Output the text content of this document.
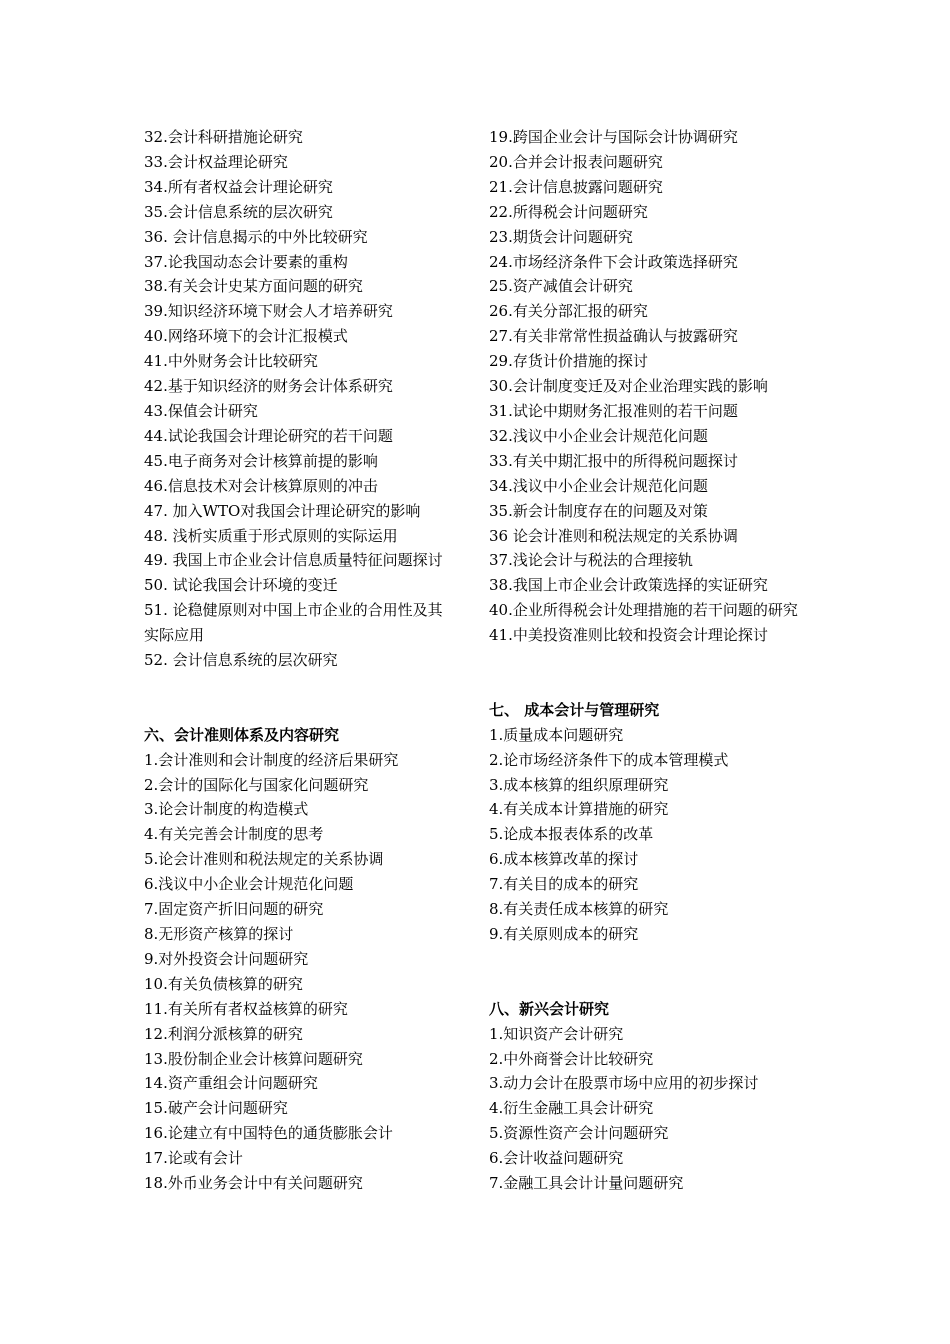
32.会计科研措施论研究
33.会计权益理论研究
34.所有者权益会计理论研究
35.会计信息系统的层次研究
36. 会计信息揭示的中外比较研究
37.论我国动态会计要素的重构
38.有关会计史某方面问题的研究
39.知识经济环境下财会人才培养研究
40.网络环境下的会计汇报模式
41.中外财务会计比较研究
42.基于知识经济的财务会计体系研究
43.保值会计研究
44.试论我国会计理论研究的若干问题
45.电子商务对会计核算前提的影响
46.信息技术对会计核算原则的冲击
47. 加入WTO对我国会计理论研究的影响
48. 浅析实质重于形式原则的实际运用
49. 我国上市企业会计信息质量特征问题探讨
50. 试论我国会计环境的变迁
51. 论稳健原则对中国上市企业的合用性及其实际应用
52. 会计信息系统的层次研究

六、会计准则体系及内容研究

1.会计准则和会计制度的经济后果研究
2.会计的国际化与国家化问题研究
3.论会计制度的构造模式
4.有关完善会计制度的思考
5.论会计准则和税法规定的关系协调
6.浅议中小企业会计规范化问题
7.固定资产折旧问题的研究
8.无形资产核算的探讨
9.对外投资会计问题研究
10.有关负债核算的研究
11.有关所有者权益核算的研究
12.利润分派核算的研究
13.股份制企业会计核算问题研究
14.资产重组会计问题研究
15.破产会计问题研究
16.论建立有中国特色的通货膨胀会计
17.论或有会计
18.外币业务会计中有关问题研究
19.跨国企业会计与国际会计协调研究
20.合并会计报表问题研究
21.会计信息披露问题研究
22.所得税会计问题研究
23.期货会计问题研究
24.市场经济条件下会计政策选择研究
25.资产减值会计研究
26.有关分部汇报的研究
27.有关非常常性损益确认与披露研究
29.存货计价措施的探讨
30.会计制度变迁及对企业治理实践的影响
31.试论中期财务汇报准则的若干问题
32.浅议中小企业会计规范化问题
33.有关中期汇报中的所得税问题探讨
34.浅议中小企业会计规范化问题
35.新会计制度存在的问题及对策
36 论会计准则和税法规定的关系协调
37.浅论会计与税法的合理接轨
38.我国上市企业会计政策选择的实证研究
40.企业所得税会计处理措施的若干问题的研究
41.中美投资准则比较和投资会计理论探讨

七、 成本会计与管理研究

1.质量成本问题研究
2.论市场经济条件下的成本管理模式
3.成本核算的组织原理研究
4.有关成本计算措施的研究
5.论成本报表体系的改革
6.成本核算改革的探讨
7.有关目的成本的研究
8.有关责任成本核算的研究
9.有关原则成本的研究

八、新兴会计研究

1.知识资产会计研究
2.中外商誉会计比较研究
3.动力会计在股票市场中应用的初步探讨
4.衍生金融工具会计研究
5.资源性资产会计问题研究
6.会计收益问题研究
7.金融工具会计计量问题研究
